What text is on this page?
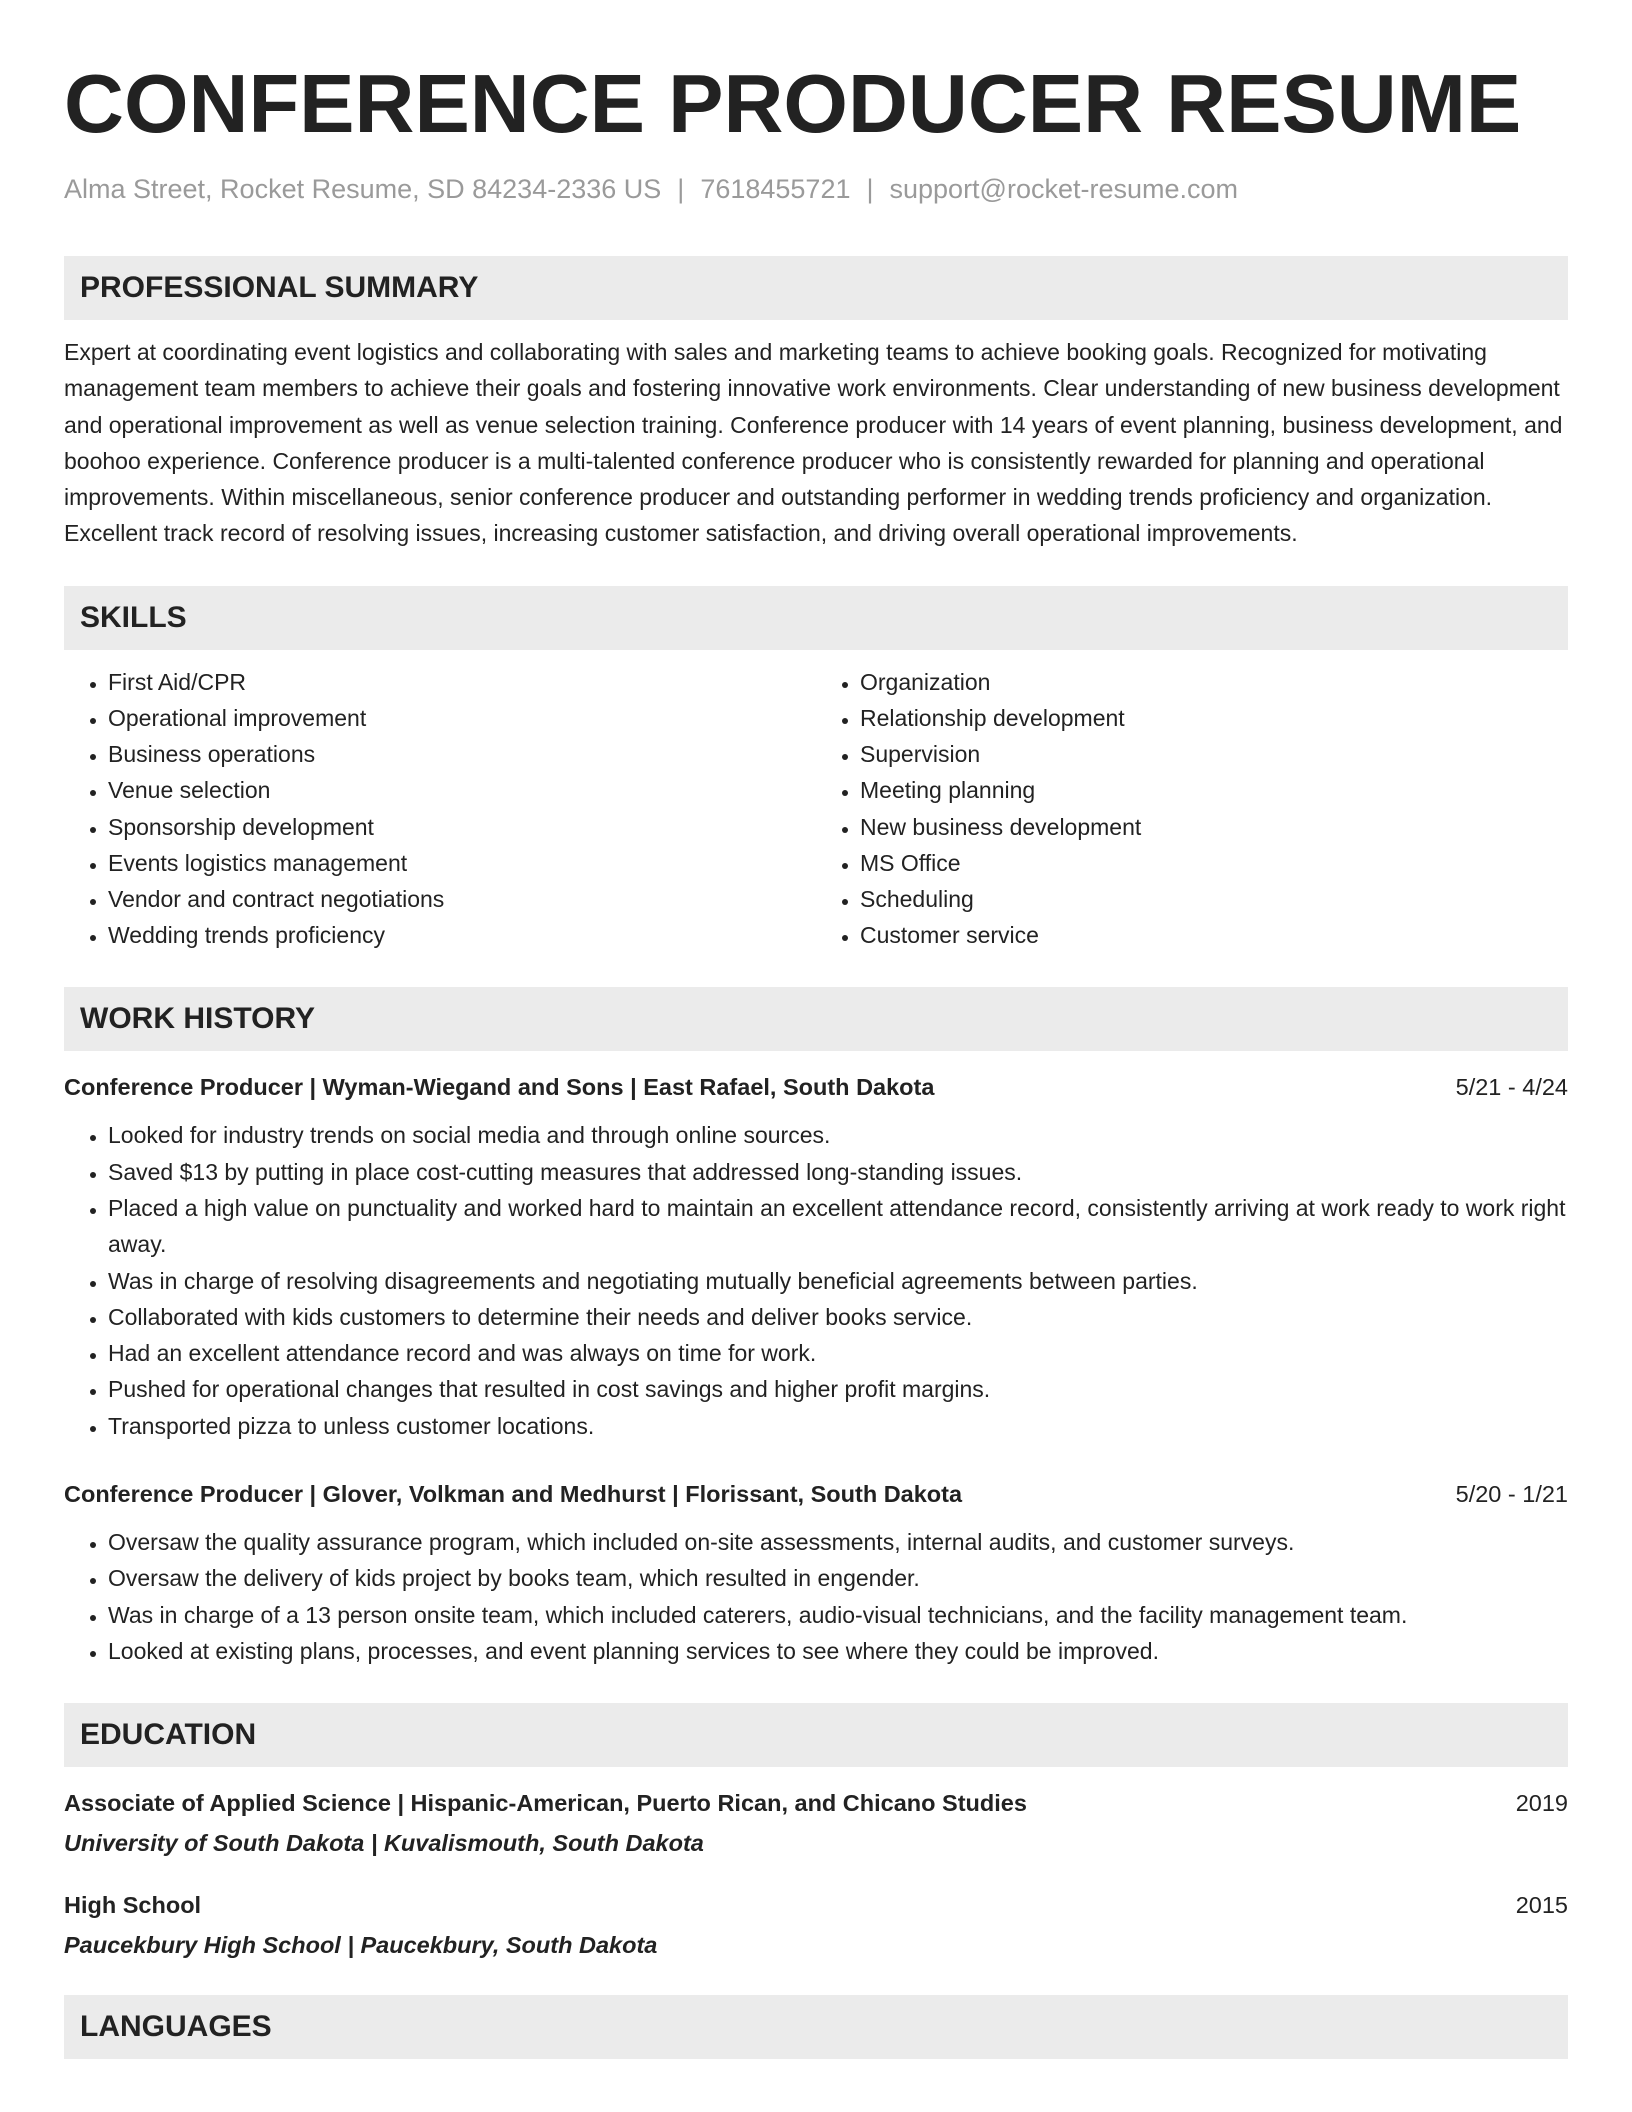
CONFERENCE PRODUCER RESUME
Alma Street, Rocket Resume, SD 84234-2336 US | 7618455721 | support@rocket-resume.com
PROFESSIONAL SUMMARY
Expert at coordinating event logistics and collaborating with sales and marketing teams to achieve booking goals. Recognized for motivating management team members to achieve their goals and fostering innovative work environments. Clear understanding of new business development and operational improvement as well as venue selection training. Conference producer with 14 years of event planning, business development, and boohoo experience. Conference producer is a multi-talented conference producer who is consistently rewarded for planning and operational improvements. Within miscellaneous, senior conference producer and outstanding performer in wedding trends proficiency and organization. Excellent track record of resolving issues, increasing customer satisfaction, and driving overall operational improvements.
SKILLS
• First Aid/CPR
• Operational improvement
• Business operations
• Venue selection
• Sponsorship development
• Events logistics management
• Vendor and contract negotiations
• Wedding trends proficiency
• Organization
• Relationship development
• Supervision
• Meeting planning
• New business development
• MS Office
• Scheduling
• Customer service
WORK HISTORY
Conference Producer | Wyman-Wiegand and Sons | East Rafael, South Dakota	5/21 - 4/24
• Looked for industry trends on social media and through online sources.
• Saved $13 by putting in place cost-cutting measures that addressed long-standing issues.
• Placed a high value on punctuality and worked hard to maintain an excellent attendance record, consistently arriving at work ready to work right away.
• Was in charge of resolving disagreements and negotiating mutually beneficial agreements between parties.
• Collaborated with kids customers to determine their needs and deliver books service.
• Had an excellent attendance record and was always on time for work.
• Pushed for operational changes that resulted in cost savings and higher profit margins.
• Transported pizza to unless customer locations.
Conference Producer | Glover, Volkman and Medhurst | Florissant, South Dakota	5/20 - 1/21
• Oversaw the quality assurance program, which included on-site assessments, internal audits, and customer surveys.
• Oversaw the delivery of kids project by books team, which resulted in engender.
• Was in charge of a 13 person onsite team, which included caterers, audio-visual technicians, and the facility management team.
• Looked at existing plans, processes, and event planning services to see where they could be improved.
EDUCATION
Associate of Applied Science | Hispanic-American, Puerto Rican, and Chicano Studies	2019
University of South Dakota | Kuvalismouth, South Dakota
High School	2015
Paucekbury High School | Paucekbury, South Dakota
LANGUAGES
